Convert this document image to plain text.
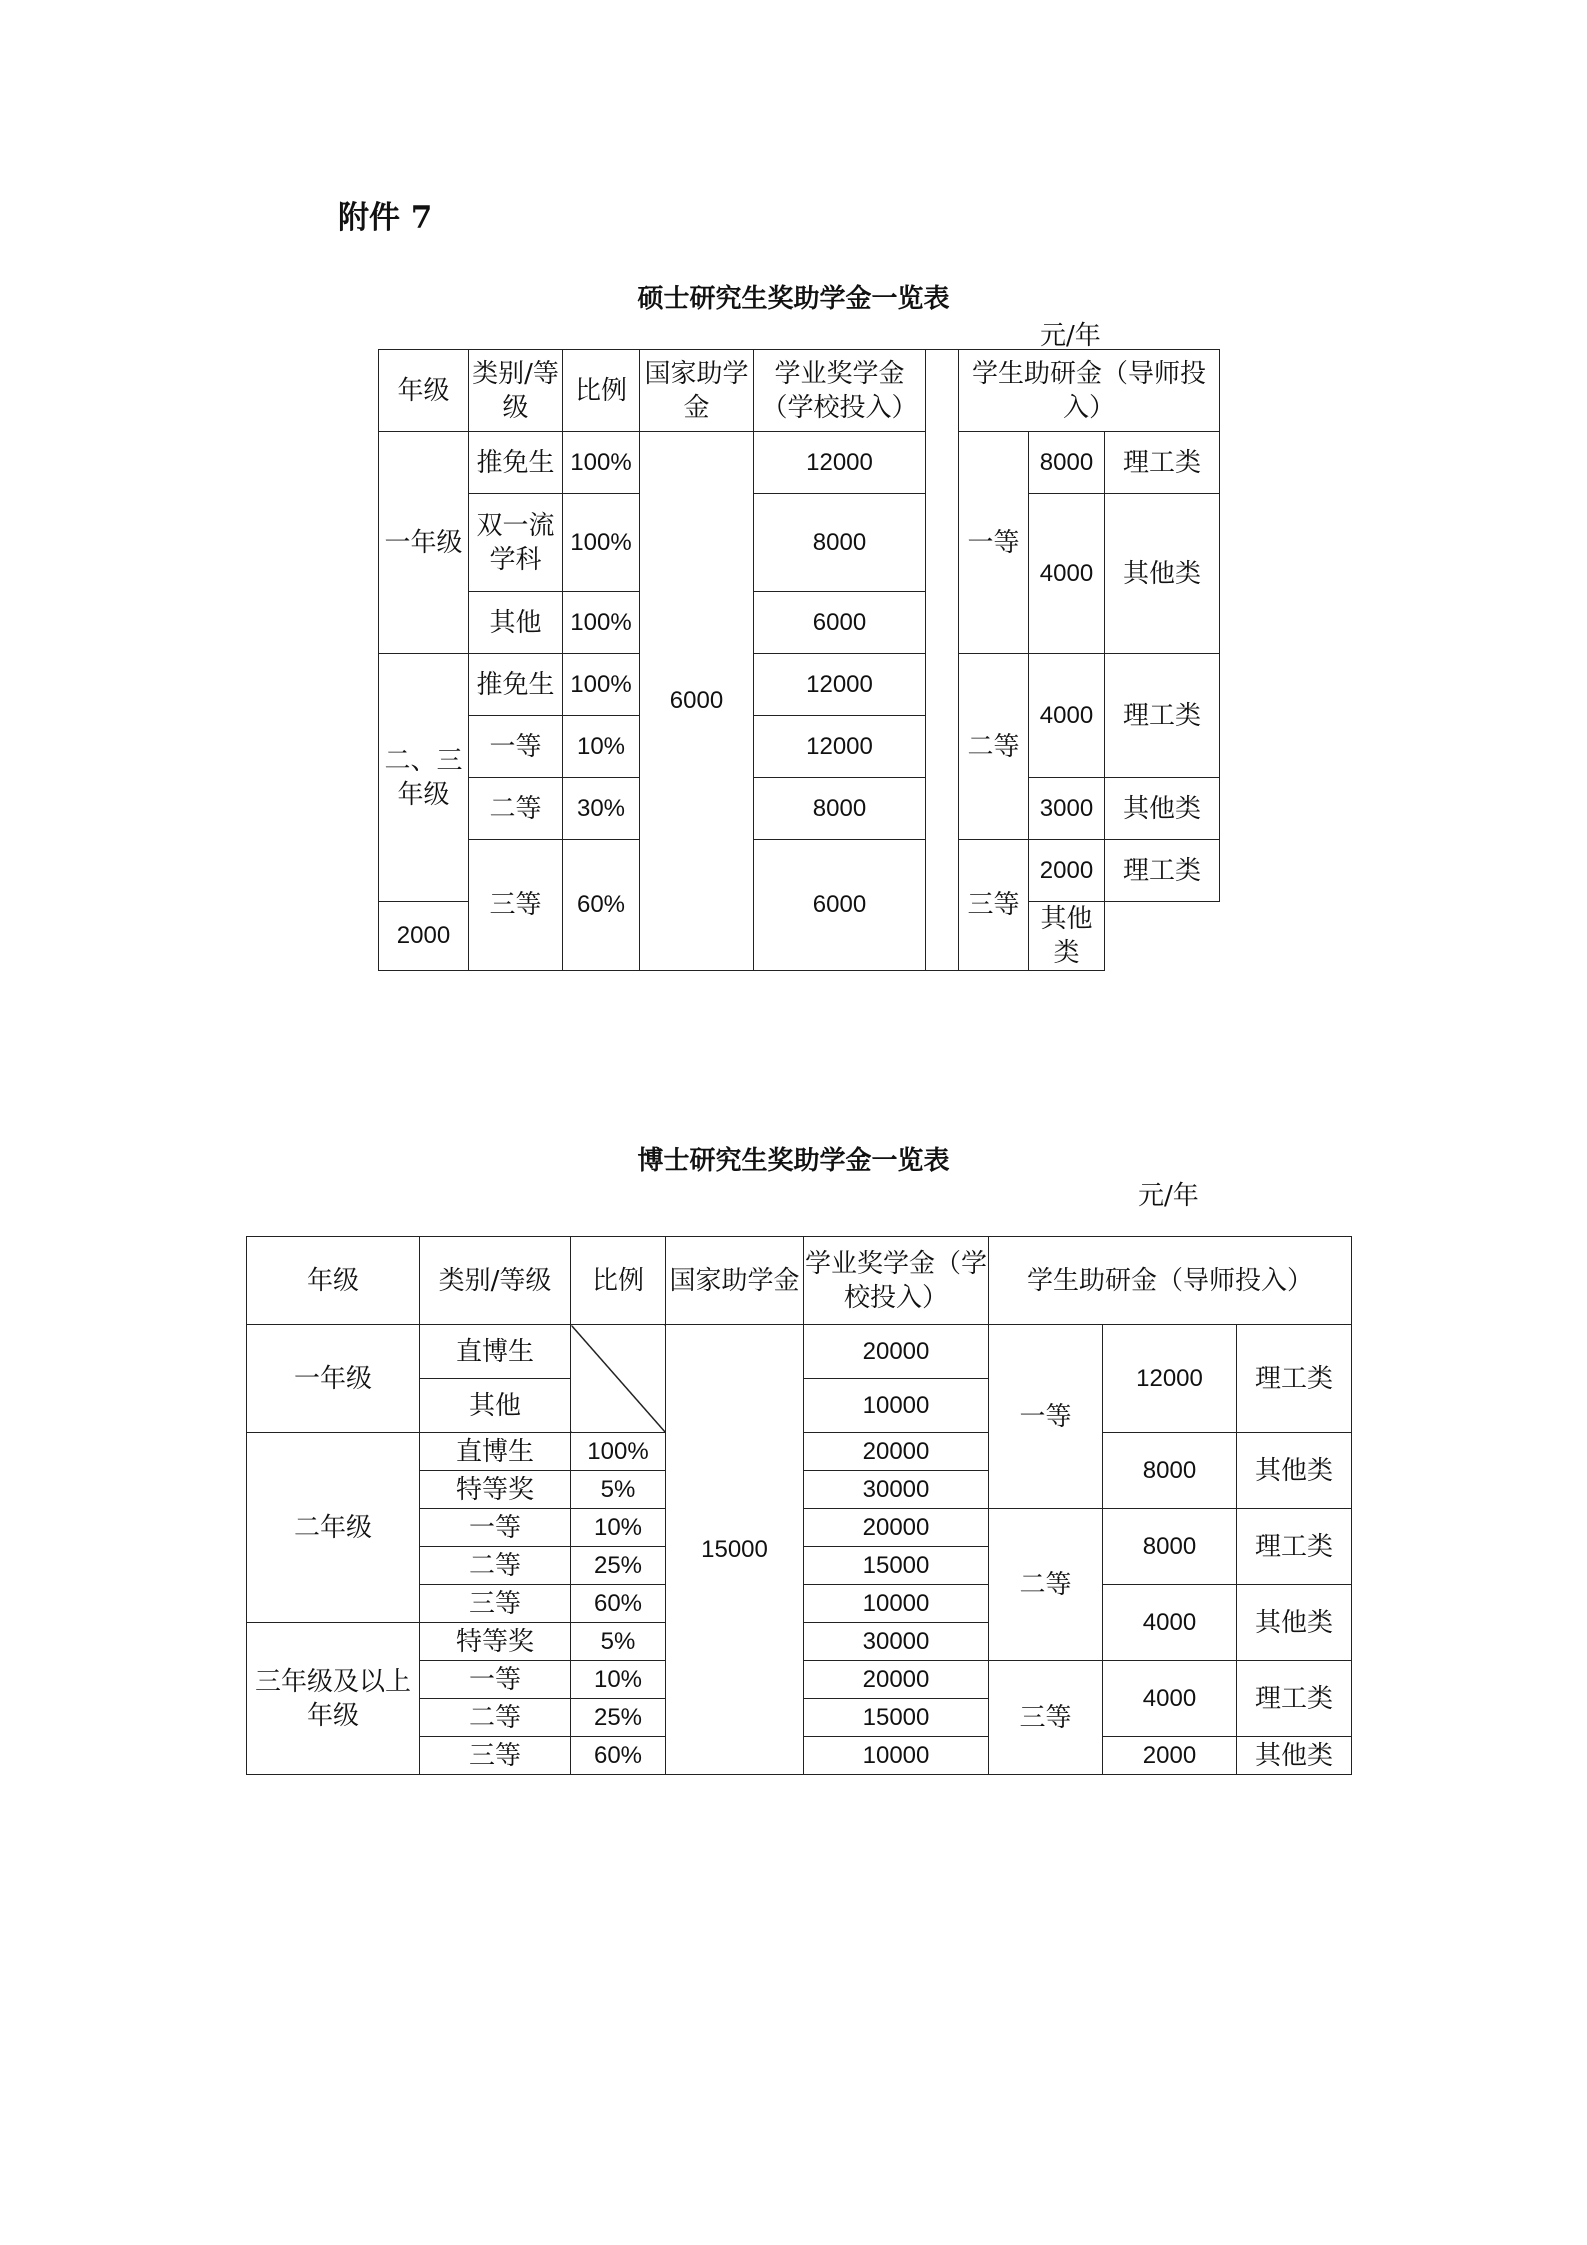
附件 7
硕士研究生奖助学金一览表
元/年
年级	类别/等级	比例	国家助学金	学业奖学金（学校投入）		学生助研金（导师投入）		
一年级	推免生	100%	6000	12000		一等	8000	理工类
	双一流学科	100%		8000			4000	其他类
	其他	100%		6000				
二、三年级	推免生	100%		12000		二等	4000	理工类
	一等	10%		12000				
	二等	30%		8000			3000	其他类
	三等	60%		6000		三等	2000	理工类
2000							其他类	
博士研究生奖助学金一览表
元/年
年级	类别/等级	比例	国家助学金	学业奖学金（学校投入）	学生助研金（导师投入）		
一年级	直博生		15000	20000	一等	12000	理工类
	其他			10000			
二年级	直博生	100%		20000		8000	其他类
	特等奖	5%		30000			
	一等	10%		20000	二等	8000	理工类
	二等	25%		15000			
	三等	60%		10000		4000	其他类
三年级及以上年级	特等奖	5%		30000			
	一等	10%		20000	三等	4000	理工类
	二等	25%		15000			
	三等	60%		10000		2000	其他类
